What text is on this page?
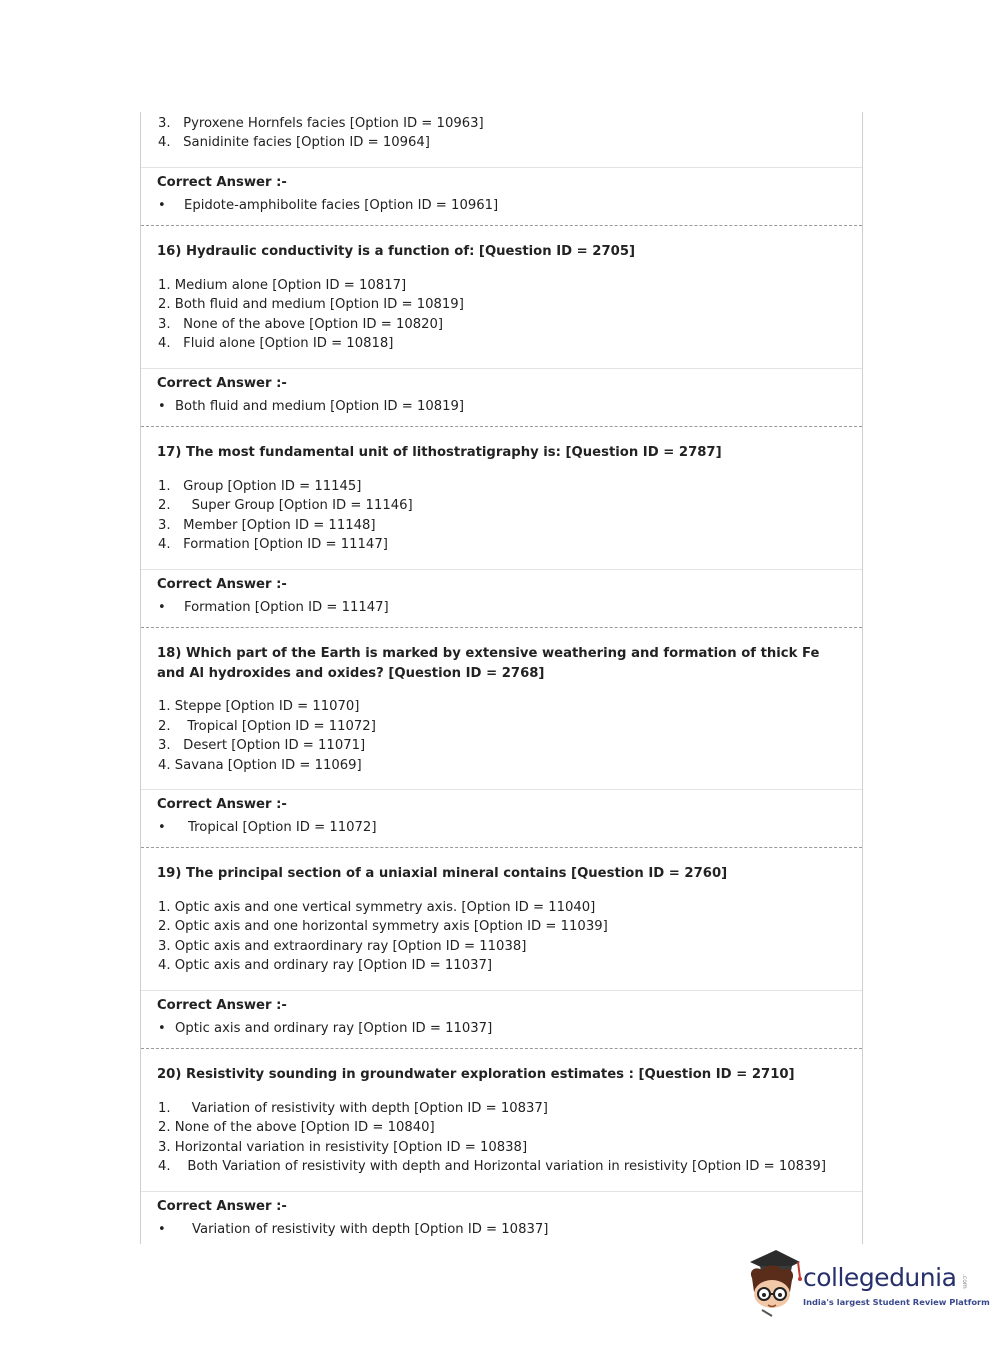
3. Pyroxene Hornfels facies [Option ID = 10963]
4. Sanidinite facies [Option ID = 10964]
Correct Answer :-
• Epidote-amphibolite facies [Option ID = 10961]
16) Hydraulic conductivity is a function of: [Question ID = 2705]
1. Medium alone [Option ID = 10817]
2. Both fluid and medium [Option ID = 10819]
3. None of the above [Option ID = 10820]
4. Fluid alone [Option ID = 10818]
Correct Answer :-
• Both fluid and medium [Option ID = 10819]
17) The most fundamental unit of lithostratigraphy is: [Question ID = 2787]
1. Group [Option ID = 11145]
2. Super Group [Option ID = 11146]
3. Member [Option ID = 11148]
4. Formation [Option ID = 11147]
Correct Answer :-
• Formation [Option ID = 11147]
18) Which part of the Earth is marked by extensive weathering and formation of thick Fe and Al hydroxides and oxides? [Question ID = 2768]
1. Steppe [Option ID = 11070]
2. Tropical [Option ID = 11072]
3. Desert [Option ID = 11071]
4. Savana [Option ID = 11069]
Correct Answer :-
• Tropical [Option ID = 11072]
19) The principal section of a uniaxial mineral contains [Question ID = 2760]
1. Optic axis and one vertical symmetry axis. [Option ID = 11040]
2. Optic axis and one horizontal symmetry axis [Option ID = 11039]
3. Optic axis and extraordinary ray [Option ID = 11038]
4. Optic axis and ordinary ray [Option ID = 11037]
Correct Answer :-
• Optic axis and ordinary ray [Option ID = 11037]
20) Resistivity sounding in groundwater exploration estimates : [Question ID = 2710]
1. Variation of resistivity with depth [Option ID = 10837]
2. None of the above [Option ID = 10840]
3. Horizontal variation in resistivity [Option ID = 10838]
4. Both Variation of resistivity with depth and Horizontal variation in resistivity [Option ID = 10839]
Correct Answer :-
• Variation of resistivity with depth [Option ID = 10837]
collegedunia .com
India's largest Student Review Platform
